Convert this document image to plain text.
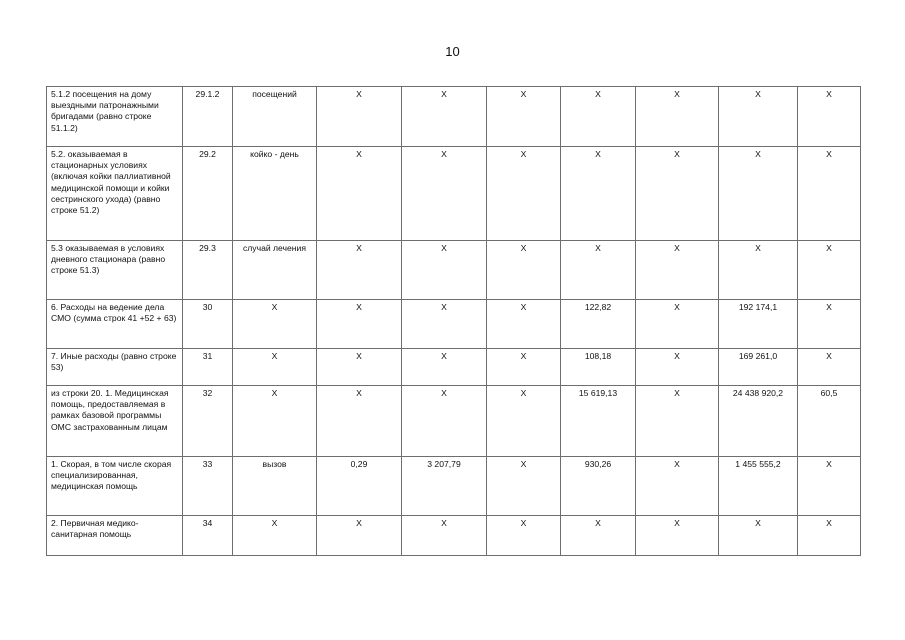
10
5.1.2 посещения на дому выездными патронажными бригадами (равно строке 51.1.2)	29.1.2	посещений	Х	Х	Х	Х	Х	Х	Х
5.2. оказываемая в стационарных условиях (включая койки паллиативной медицинской помощи и койки сестринского ухода) (равно строке 51.2)	29.2	койко - день	Х	Х	Х	Х	Х	Х	Х
5.3 оказываемая в условиях дневного стационара (равно строке 51.3)	29.3	случай лечения	Х	Х	Х	Х	Х	Х	Х
6. Расходы на ведение дела СМО (сумма строк 41 +52 + 63)	30	Х	Х	Х	Х	122,82	Х	192 174,1	Х
7. Иные расходы (равно строке 53)	31	Х	Х	Х	Х	108,18	Х	169 261,0	Х
из строки 20. 1. Медицинская помощь, предоставляемая в рамках базовой программы ОМС застрахованным лицам	32	Х	Х	Х	Х	15 619,13	Х	24 438 920,2	60,5
1. Скорая, в том числе скорая специализированная, медицинская помощь	33	вызов	0,29	3 207,79	Х	930,26	Х	1 455 555,2	Х
2. Первичная медико-санитарная помощь	34	Х	Х	Х	Х	Х	Х	Х	Х
